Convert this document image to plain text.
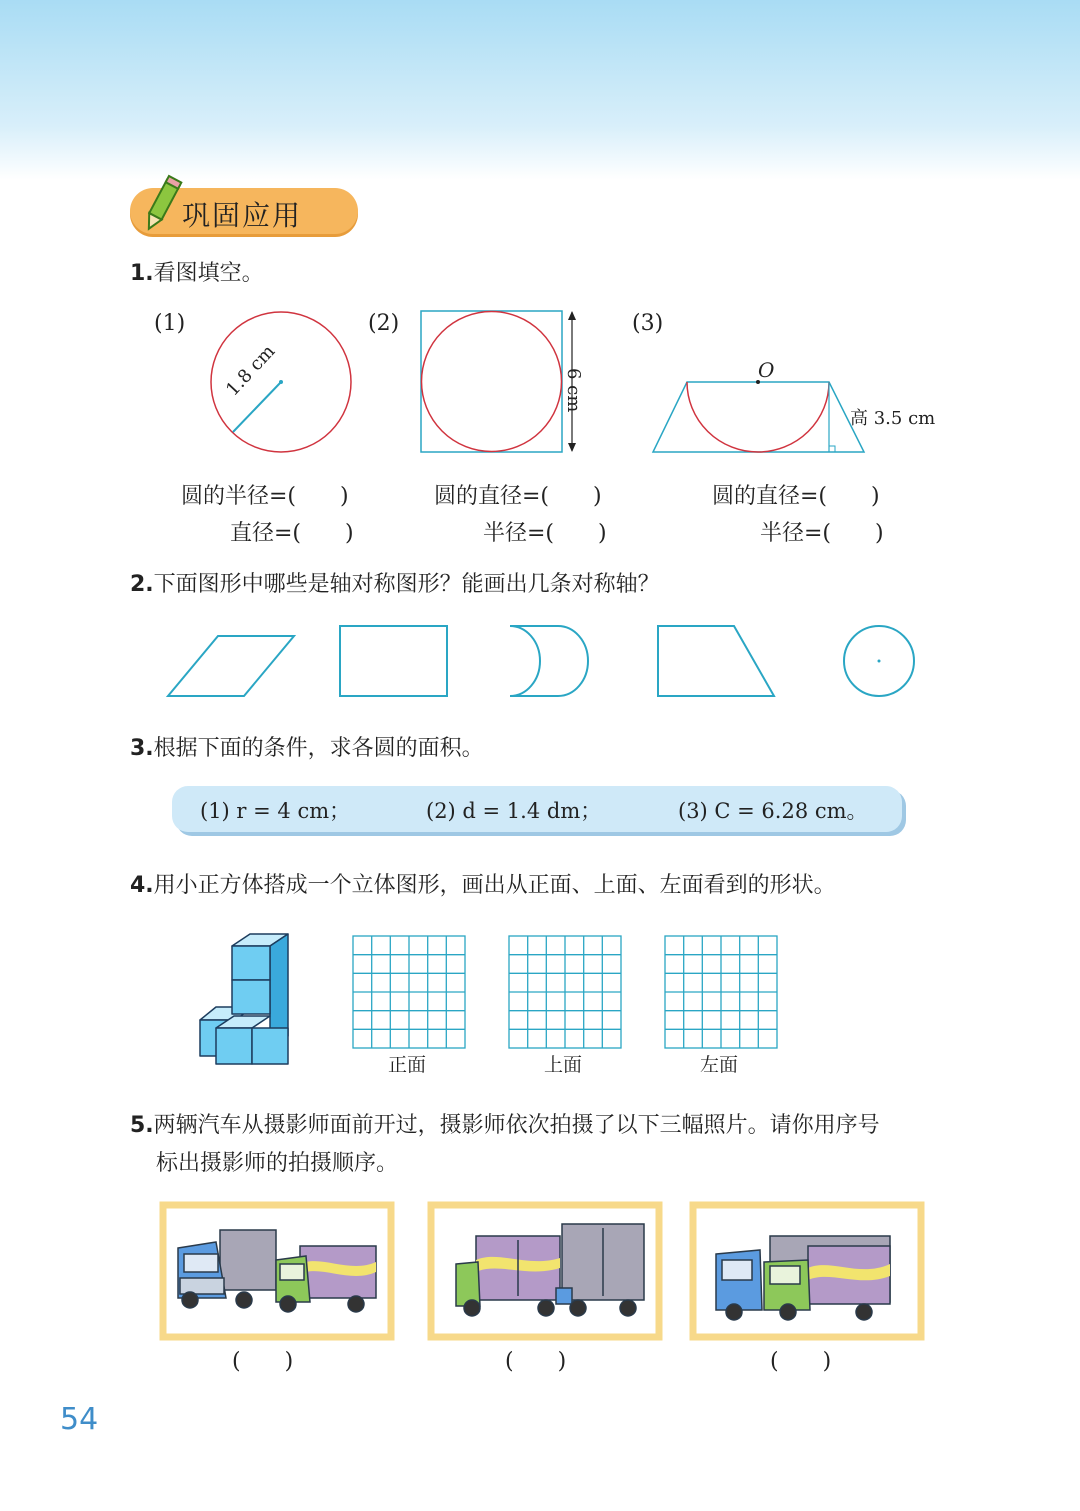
巩固应用
1.看图填空。
(1)
1.8 cm
圆的半径=(　　)
直径=(　　)
(2)
6 cm
圆的直径=(　　)
半径=(　　)
(3)
O
高 3.5 cm
圆的直径=(　　)
半径=(　　)
2.下面图形中哪些是轴对称图形？能画出几条对称轴？
3.根据下面的条件，求各圆的面积。
(1) r = 4 cm；	(2) d = 1.4 dm；	(3) C = 6.28 cm。
4.用小正方体搭成一个立体图形，画出从正面、上面、左面看到的形状。
正面	上面	左面
5.两辆汽车从摄影师面前开过，摄影师依次拍摄了以下三幅照片。请你用序号
标出摄影师的拍摄顺序。
(　　)	(　　)	(　　)
54
